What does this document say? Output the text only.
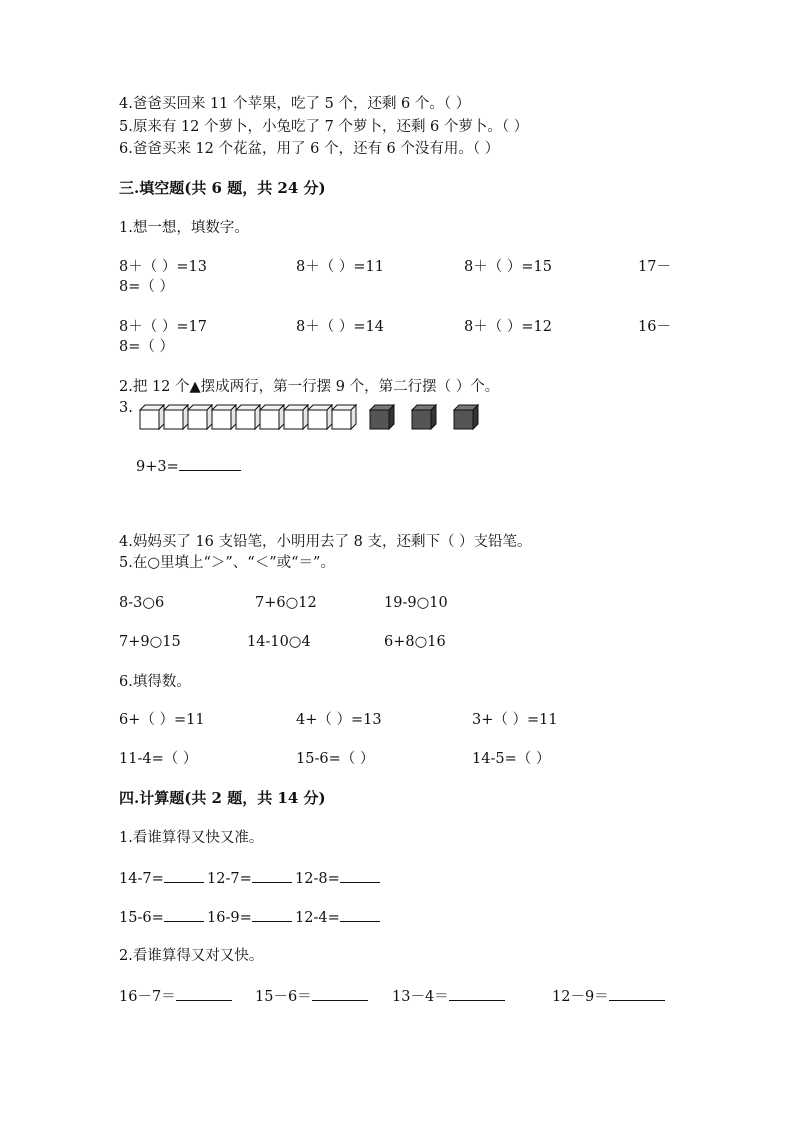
4.爸爸买回来 11 个苹果，吃了 5 个，还剩 6 个。（ ）
5.原来有 12 个萝卜，小兔吃了 7 个萝卜，还剩 6 个萝卜。（ ）
6.爸爸买来 12 个花盆，用了 6 个，还有 6 个没有用。（ ）
三.填空题(共 6 题，共 24 分)
1.想一想，填数字。
8＋（ ）=13	8＋（ ）=11	8＋（ ）=15	17－
8=（ ）
8＋（ ）=17	8＋（ ）=14	8＋（ ）=12	16－
8=（ ）
2.把 12 个▲摆成两行，第一行摆 9 个，第二行摆（ ）个。
3.
9+3=
4.妈妈买了 16 支铅笔，小明用去了 8 支，还剩下（ ）支铅笔。
5.在○里填上“＞”、“＜”或“＝”。
8-3○6	7+6○12	19-9○10
7+9○15	14-10○4	6+8○16
6.填得数。
6+（ ）=11	4+（ ）=13	3+（ ）=11
11-4=（ ）	15-6=（ ）	14-5=（ ）
四.计算题(共 2 题，共 14 分)
1.看谁算得又快又准。
14-7=	12-7=	12-8=
15-6=	16-9=	12-4=
2.看谁算得又对又快。
16－7＝	15－6＝	13－4＝	12－9＝
